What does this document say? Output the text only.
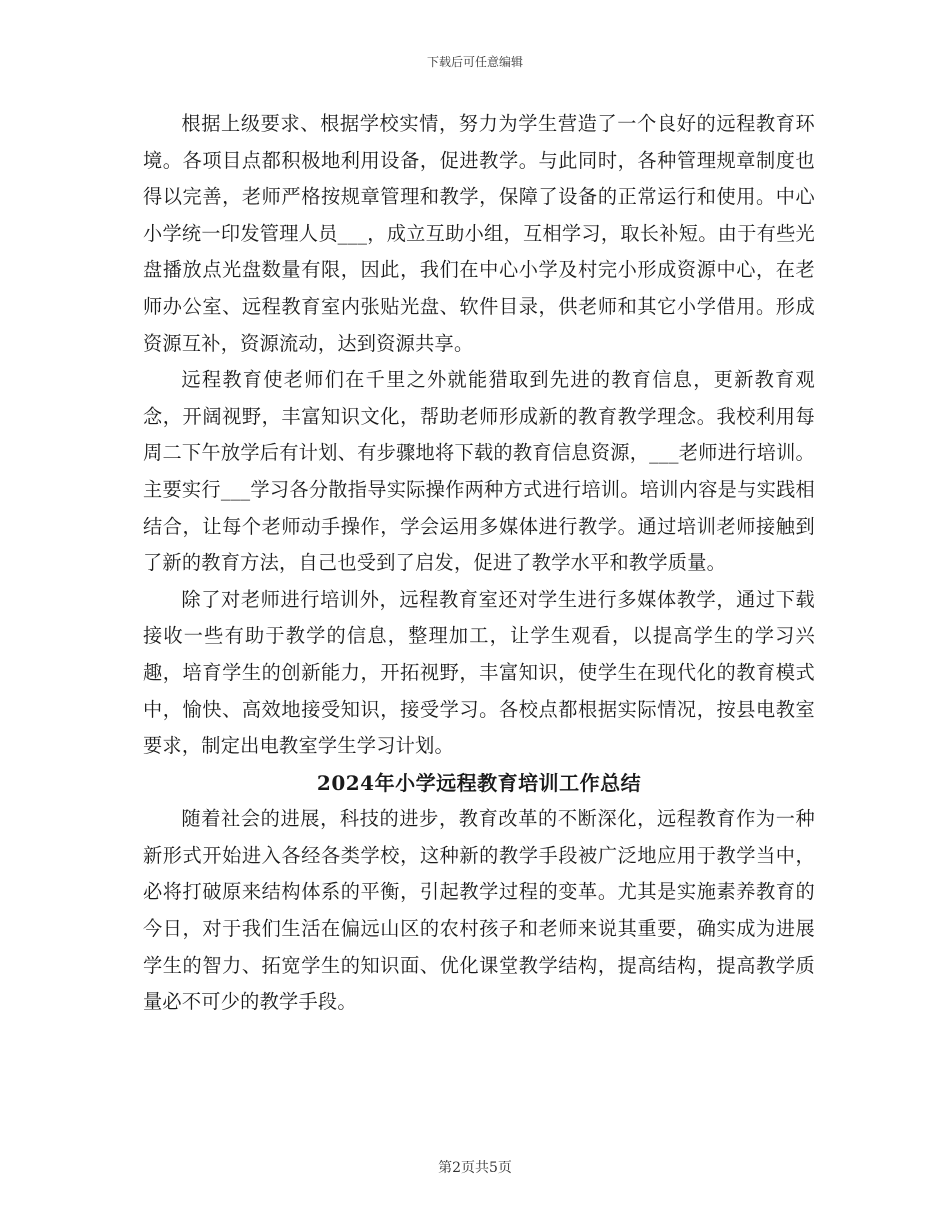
下载后可任意编辑

根据上级要求、根据学校实情，努力为学生营造了一个良好的远程教育环境。各项目点都积极地利用设备，促进教学。与此同时，各种管理规章制度也得以完善，老师严格按规章管理和教学，保障了设备的正常运行和使用。中心小学统一印发管理人员___，成立互助小组，互相学习，取长补短。由于有些光盘播放点光盘数量有限，因此，我们在中心小学及村完小形成资源中心，在老师办公室、远程教育室内张贴光盘、软件目录，供老师和其它小学借用。形成资源互补，资源流动，达到资源共享。

远程教育使老师们在千里之外就能猎取到先进的教育信息，更新教育观念，开阔视野，丰富知识文化，帮助老师形成新的教育教学理念。我校利用每周二下午放学后有计划、有步骤地将下载的教育信息资源，___老师进行培训。主要实行___学习各分散指导实际操作两种方式进行培训。培训内容是与实践相结合，让每个老师动手操作，学会运用多媒体进行教学。通过培训老师接触到了新的教育方法，自己也受到了启发，促进了教学水平和教学质量。

除了对老师进行培训外，远程教育室还对学生进行多媒体教学，通过下载接收一些有助于教学的信息，整理加工，让学生观看，以提高学生的学习兴趣，培育学生的创新能力，开拓视野，丰富知识，使学生在现代化的教育模式中，愉快、高效地接受知识，接受学习。各校点都根据实际情况，按县电教室要求，制定出电教室学生学习计划。

2024年小学远程教育培训工作总结

随着社会的进展，科技的进步，教育改革的不断深化，远程教育作为一种新形式开始进入各经各类学校，这种新的教学手段被广泛地应用于教学当中，必将打破原来结构体系的平衡，引起教学过程的变革。尤其是实施素养教育的今日，对于我们生活在偏远山区的农村孩子和老师来说其重要，确实成为进展学生的智力、拓宽学生的知识面、优化课堂教学结构，提高结构，提高教学质量必不可少的教学手段。

第2页共5页
